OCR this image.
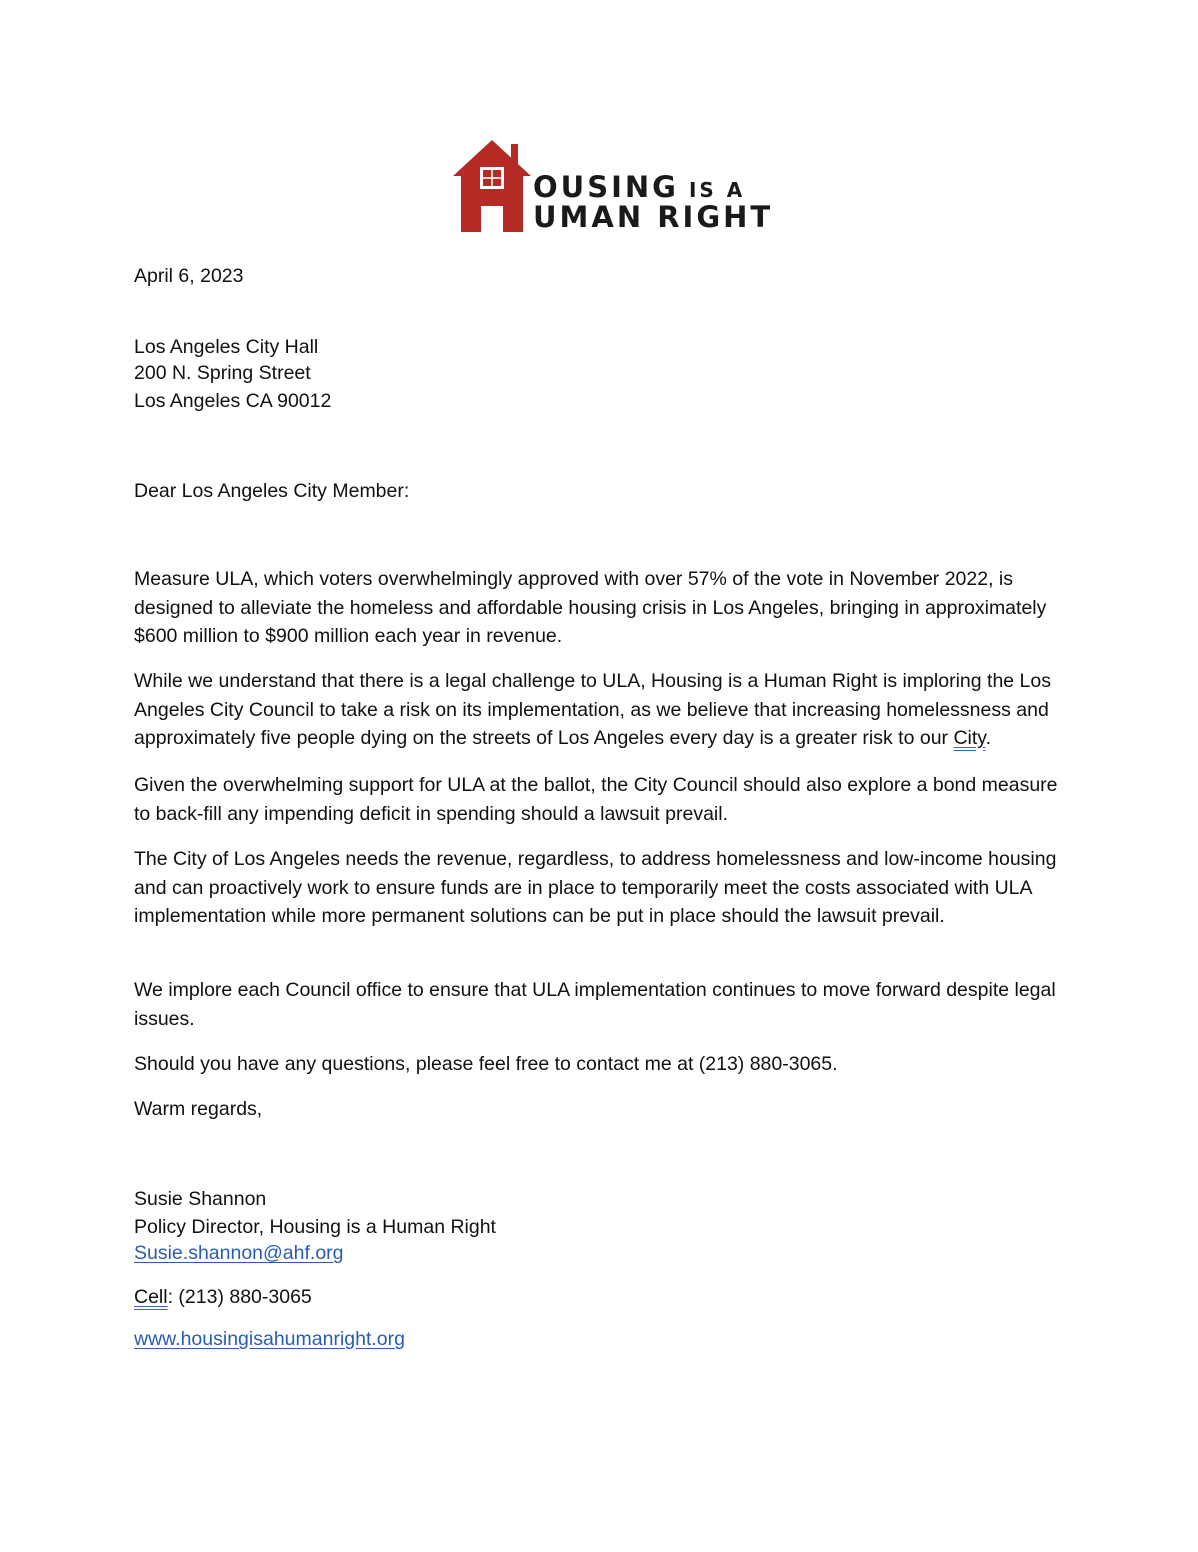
OUSING IS A
UMAN RIGHT
April 6, 2023
Los Angeles City Hall
200 N. Spring Street
Los Angeles CA 90012
Dear Los Angeles City Member:
Measure ULA, which voters overwhelmingly approved with over 57% of the vote in November 2022, is designed to alleviate the homeless and affordable housing crisis in Los Angeles, bringing in approximately $600 million to $900 million each year in revenue.
While we understand that there is a legal challenge to ULA, Housing is a Human Right is imploring the Los Angeles City Council to take a risk on its implementation, as we believe that increasing homelessness and approximately five people dying on the streets of Los Angeles every day is a greater risk to our City.
Given the overwhelming support for ULA at the ballot, the City Council should also explore a bond measure to back-fill any impending deficit in spending should a lawsuit prevail.
The City of Los Angeles needs the revenue, regardless, to address homelessness and low-income housing and can proactively work to ensure funds are in place to temporarily meet the costs associated with ULA implementation while more permanent solutions can be put in place should the lawsuit prevail.
We implore each Council office to ensure that ULA implementation continues to move forward despite legal issues.
Should you have any questions, please feel free to contact me at (213) 880-3065.
Warm regards,
Susie Shannon
Policy Director, Housing is a Human Right
Susie.shannon@ahf.org
Cell: (213) 880-3065
www.housingisahumanright.org
